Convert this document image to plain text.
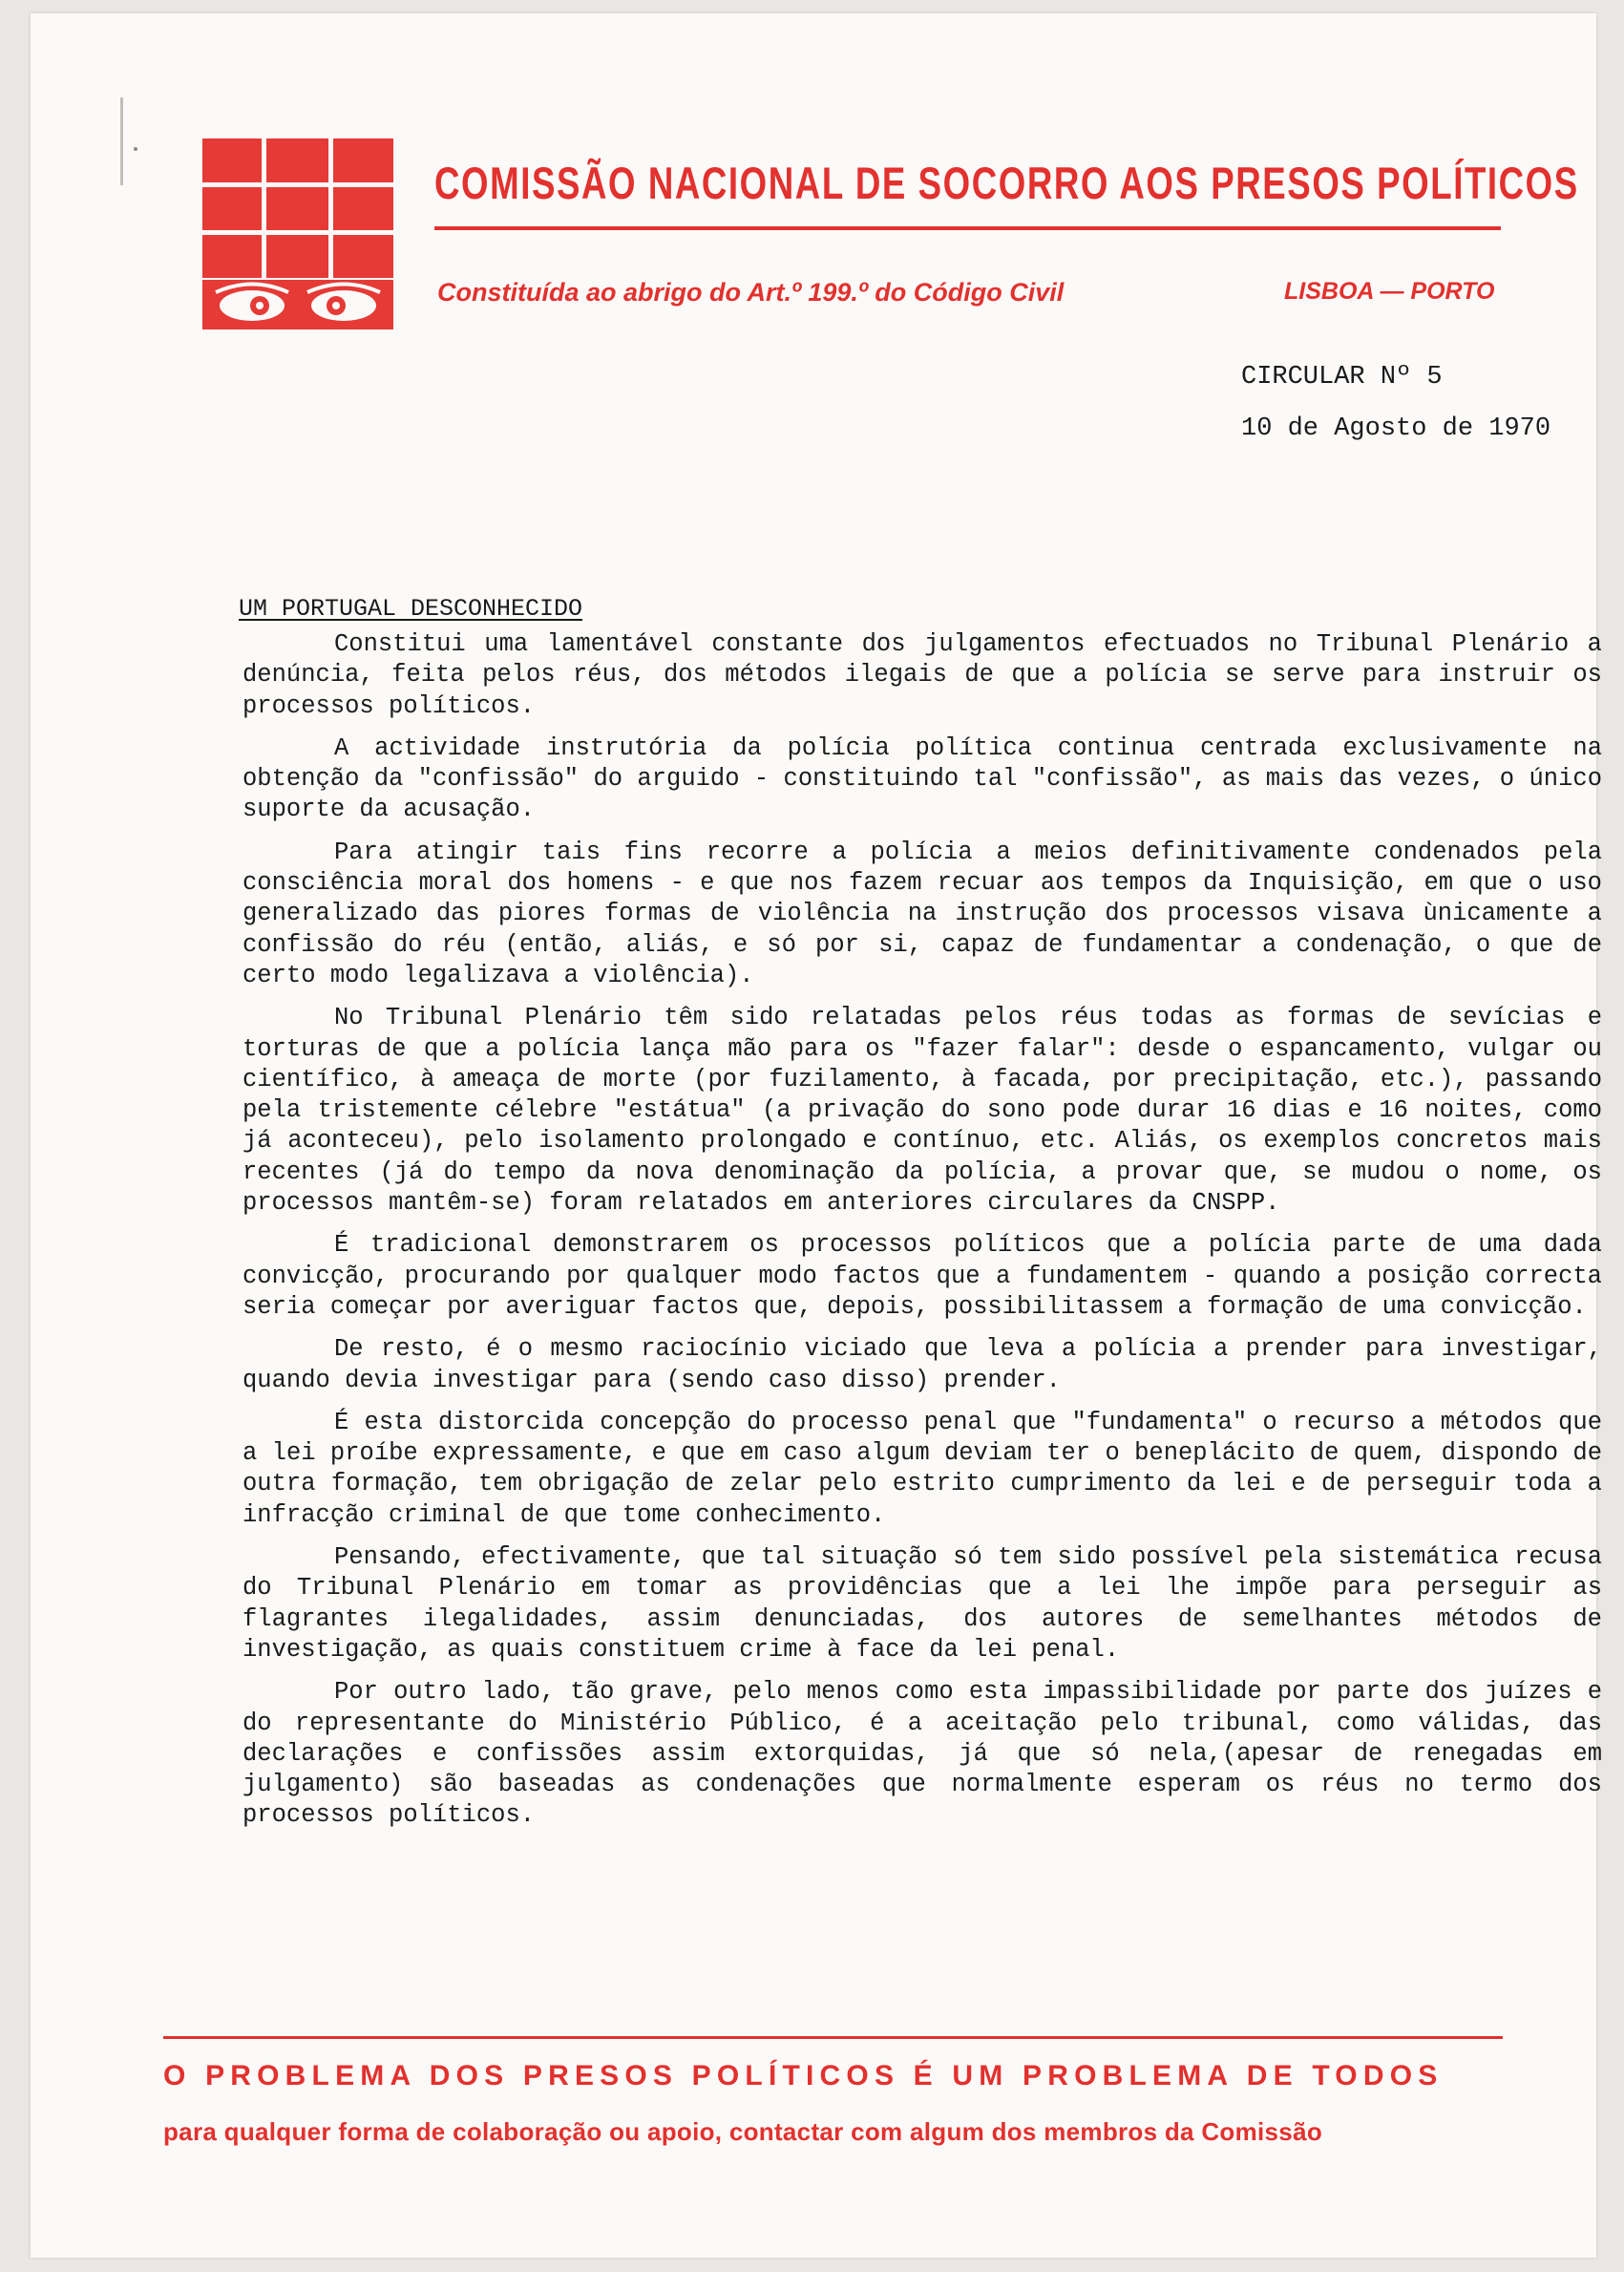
COMISSÃO NACIONAL DE SOCORRO AOS PRESOS POLÍTICOS
Constituída ao abrigo do Art.º 199.º do Código Civil	LISBOA — PORTO
CIRCULAR Nº 5
10 de Agosto de 1970
UM PORTUGAL DESCONHECIDO

Constitui uma lamentável constante dos julgamentos efectuados no Tribunal Plenário a denúncia, feita pelos réus, dos métodos ilegais de que a polícia se serve para instruir os processos políticos.

A actividade instrutória da polícia política continua centrada exclusivamente na obtenção da "confissão" do arguido - constituindo tal "confissão", as mais das vezes, o único suporte da acusação.

Para atingir tais fins recorre a polícia a meios definitivamente condenados pela consciência moral dos homens - e que nos fazem recuar aos tempos da Inquisição, em que o uso generalizado das piores formas de violência na instrução dos processos visava ùnicamente a confissão do réu (então, aliás, e só por si, capaz de fundamentar a condenação, o que de certo modo legalizava a violência).

No Tribunal Plenário têm sido relatadas pelos réus todas as formas de sevícias e torturas de que a polícia lança mão para os "fazer falar": desde o espancamento, vulgar ou científico, à ameaça de morte (por fuzilamento, à facada, por precipitação, etc.), passando pela tristemente célebre "estátua" (a privação do sono pode durar 16 dias e 16 noites, como já aconteceu), pelo isolamento prolongado e contínuo, etc. Aliás, os exemplos concretos mais recentes (já do tempo da nova denominação da polícia, a provar que, se mudou o nome, os processos mantêm-se) foram relatados em anteriores circulares da CNSPP.

É tradicional demonstrarem os processos políticos que a polícia parte de uma dada convicção, procurando por qualquer modo factos que a fundamentem - quando a posição correcta seria começar por averiguar factos que, depois, possibilitassem a formação de uma convicção.

De resto, é o mesmo raciocínio viciado que leva a polícia a prender para investigar, quando devia investigar para (sendo caso disso) prender.

É esta distorcida concepção do processo penal que "fundamenta" o recurso a métodos que a lei proíbe expressamente, e que em caso algum deviam ter o beneplácito de quem, dispondo de outra formação, tem obrigação de zelar pelo estrito cumprimento da lei e de perseguir toda a infracção criminal de que tome conhecimento.

Pensando, efectivamente, que tal situação só tem sido possível pela sistemática recusa do Tribunal Plenário em tomar as providências que a lei lhe impõe para perseguir as flagrantes ilegalidades, assim denunciadas, dos autores de semelhantes métodos de investigação, as quais constituem crime à face da lei penal.

Por outro lado, tão grave, pelo menos como esta impassibilidade por parte dos juízes e do representante do Ministério Público, é a aceitação pelo tribunal, como válidas, das declarações e confissões assim extorquidas, já que só nela,(apesar de renegadas em julgamento) são baseadas as condenações que normalmente esperam os réus no termo dos processos políticos.

O PROBLEMA DOS PRESOS POLÍTICOS É UM PROBLEMA DE TODOS
para qualquer forma de colaboração ou apoio, contactar com algum dos membros da Comissão
